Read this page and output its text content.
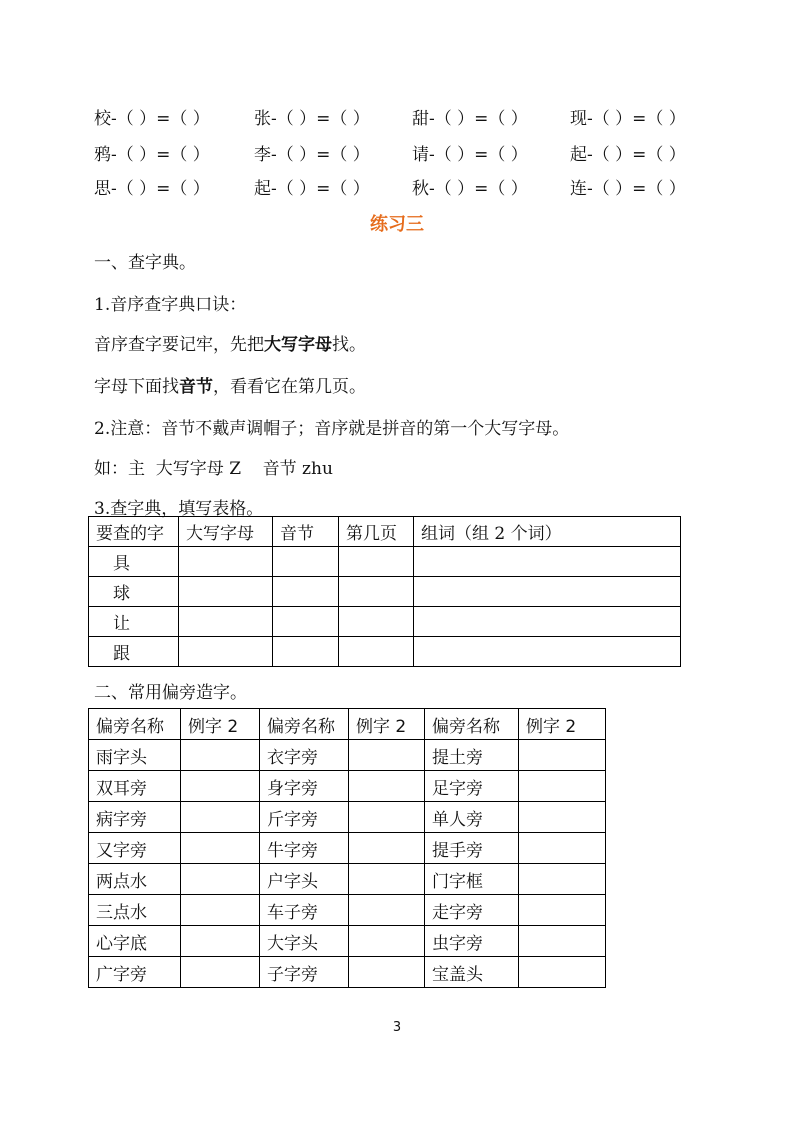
校-（ ）=（ ）	张-（ ）=（ ） 甜-（ ）=（ ） 现-（ ）=（ ）
鸦-（ ）=（ ）	李-（ ）=（ ） 请-（ ）=（ ） 起-（ ）=（ ）
思-（ ）=（ ）	起-（ ）=（ ） 秋-（ ）=（ ） 连-（ ）=（ ）
练习三
一、查字典。
1.音序查字典口诀：
音序查字要记牢，先把大写字母找。
字母下面找音节，看看它在第几页。
2.注意：音节不戴声调帽子；音序就是拼音的第一个大写字母。
如：主  大写字母 Z    音节 zhu
3.查字典，填写表格。
要查的字	大写字母	音节	第几页	组词（组 2 个词）
具				
球				
让				
跟				
二、常用偏旁造字。
偏旁名称	例字 2	偏旁名称	例字 2	偏旁名称	例字 2
雨字头		衣字旁		提土旁	
双耳旁		身字旁		足字旁	
病字旁		斤字旁		单人旁	
又字旁		牛字旁		提手旁	
两点水		户字头		门字框	
三点水		车子旁		走字旁	
心字底		大字头		虫字旁	
广字旁		子字旁		宝盖头	
3
